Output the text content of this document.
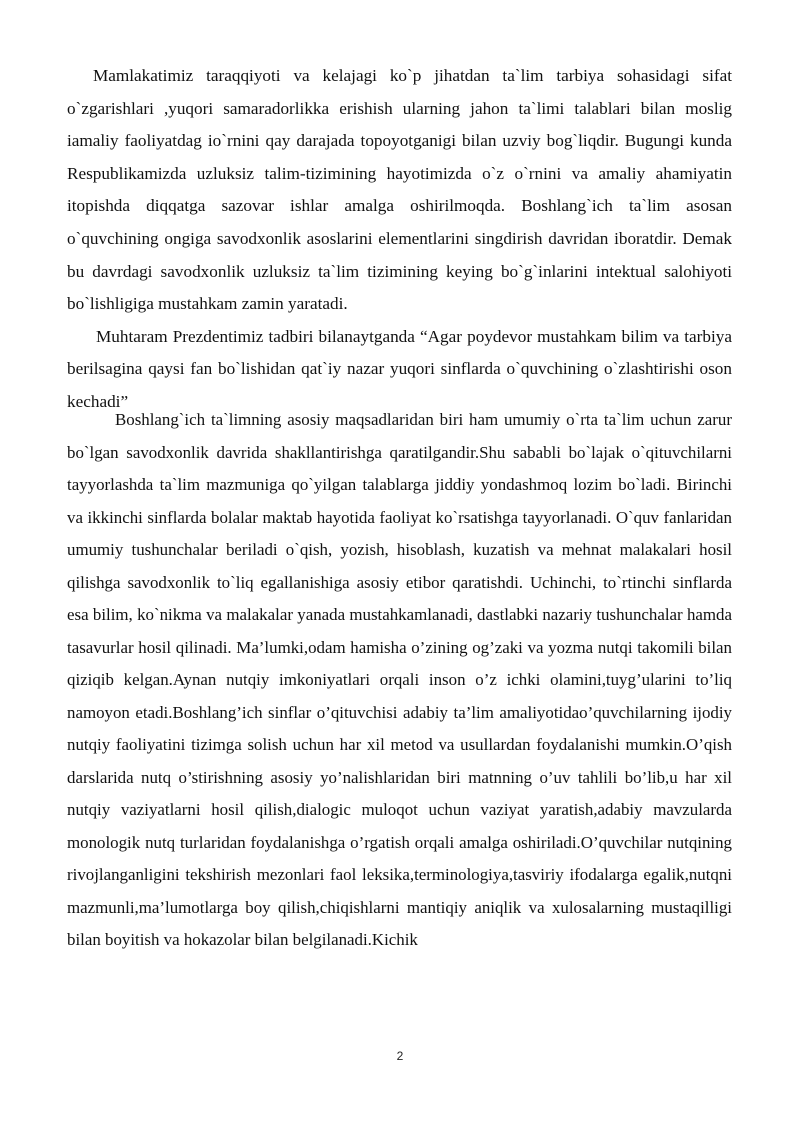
Mamlakatimiz taraqqiyoti va kelajagi ko`p jihatdan ta`lim tarbiya sohasidagi sifat o`zgarishlari ,yuqori samaradorlikka erishish ularning jahon ta`limi talablari bilan moslig iamaliy faoliyatdag io`rnini qay darajada topoyotganigi bilan uzviy bog`liqdir. Bugungi kunda Respublikamizda uzluksiz talim-tizimining hayotimizda o`z o`rnini va amaliy ahamiyatin itopishda diqqatga sazovar ishlar amalga oshirilmoqda. Boshlang`ich ta`lim asosan o`quvchining ongiga savodxonlik asoslarini elementlarini singdirish davridan iboratdir. Demak bu davrdagi savodxonlik uzluksiz ta`lim tizimining keying bo`g`inlarini intektual salohiyoti bo`lishligiga mustahkam zamin yaratadi.

Muhtaram Prezdentimiz tadbiri bilanaytganda “Agar poydevor mustahkam bilim va tarbiya berilsagina qaysi fan bo`lishidan qat`iy nazar yuqori sinflarda o`quvchining o`zlashtirishi oson kechadi”

Boshlang`ich ta`limning asosiy maqsadlaridan biri ham umumiy o`rta ta`lim uchun zarur bo`lgan savodxonlik davrida shakllantirishga qaratilgandir.Shu sababli bo`lajak o`qituvchilarni tayyorlashda ta`lim mazmuniga qo`yilgan talablarga jiddiy yondashmoq lozim bo`ladi. Birinchi va ikkinchi sinflarda bolalar maktab hayotida faoliyat ko`rsatishga tayyorlanadi. O`quv fanlaridan umumiy tushunchalar beriladi o`qish, yozish, hisoblash, kuzatish va mehnat malakalari hosil qilishga savodxonlik to`liq egallanishiga asosiy etibor qaratishdi. Uchinchi, to`rtinchi sinflarda esa bilim, ko`nikma va malakalar yanada mustahkamlanadi, dastlabki nazariy tushunchalar hamda tasavurlar hosil qilinadi. Ma’lumki,odam hamisha o’zining og’zaki va yozma nutqi takomili bilan qiziqib kelgan.Aynan nutqiy imkoniyatlari orqali inson o’z ichki olamini,tuyg’ularini to’liq namoyon etadi.Boshlang’ich sinflar o’qituvchisi adabiy ta’lim amaliyotidao’quvchilarning ijodiy nutqiy faoliyatini tizimga solish uchun har xil metod va usullardan foydalanishi mumkin.O’qish darslarida nutq o’stirishning asosiy yo’nalishlaridan biri matnning o’uv tahlili bo’lib,u har xil nutqiy vaziyatlarni hosil qilish,dialogic muloqot uchun vaziyat yaratish,adabiy mavzularda monologik nutq turlaridan foydalanishga o’rgatish orqali amalga oshiriladi.O’quvchilar nutqining rivojlanganligini tekshirish mezonlari faol leksika,terminologiya,tasviriy ifodalarga egalik,nutqni mazmunli,ma’lumotlarga boy qilish,chiqishlarni mantiqiy aniqlik va xulosalarning mustaqilligi bilan boyitish va hokazolar bilan belgilanadi.Kichik

2
